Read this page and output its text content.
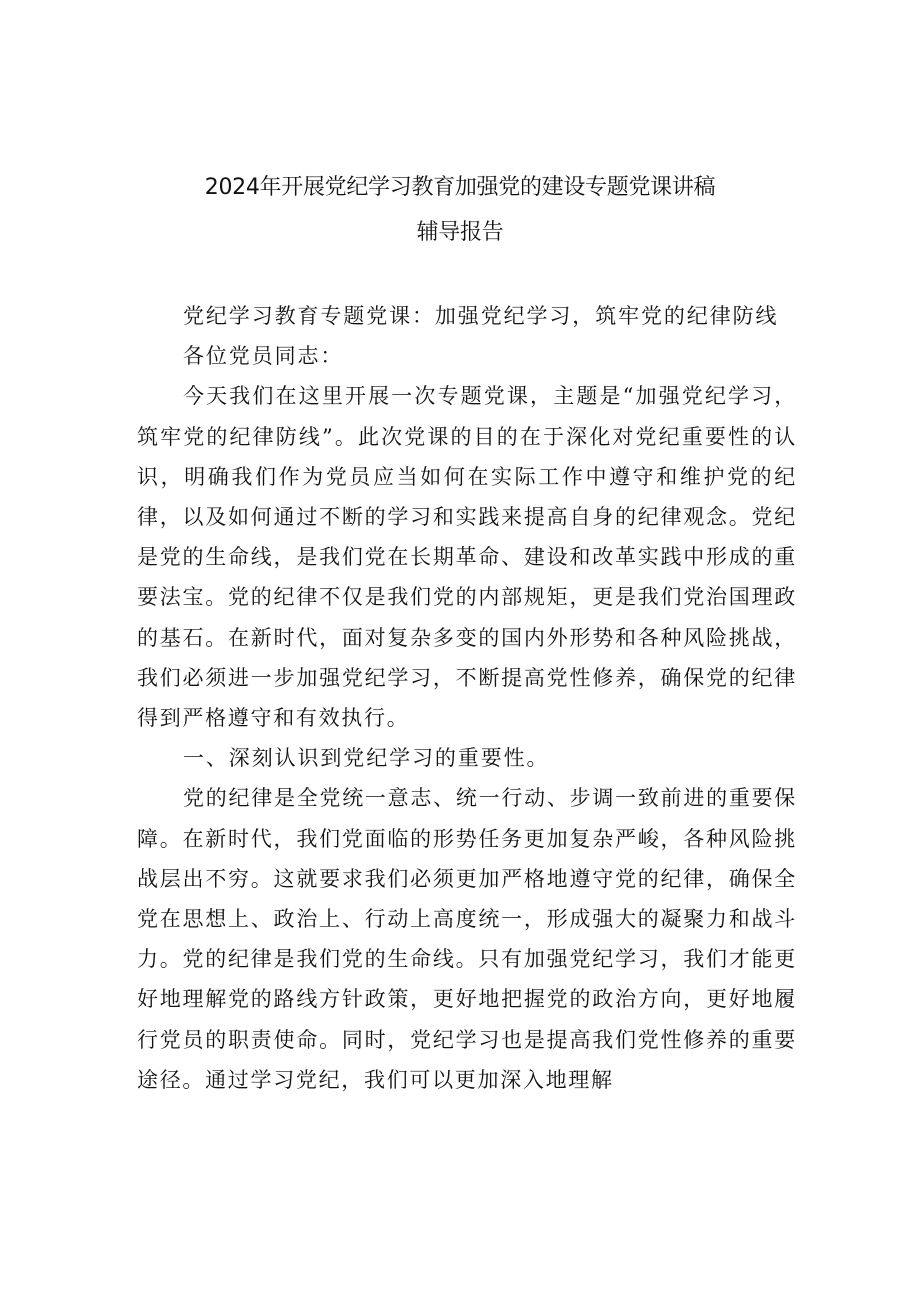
2024年开展党纪学习教育加强党的建设专题党课讲稿
辅导报告

党纪学习教育专题党课：加强党纪学习，筑牢党的纪律防线

各位党员同志：

今天我们在这里开展一次专题党课，主题是“加强党纪学习，筑牢党的纪律防线”。此次党课的目的在于深化对党纪重要性的认识，明确我们作为党员应当如何在实际工作中遵守和维护党的纪律，以及如何通过不断的学习和实践来提高自身的纪律观念。党纪是党的生命线，是我们党在长期革命、建设和改革实践中形成的重要法宝。党的纪律不仅是我们党的内部规矩，更是我们党治国理政的基石。在新时代，面对复杂多变的国内外形势和各种风险挑战，我们必须进一步加强党纪学习，不断提高党性修养，确保党的纪律得到严格遵守和有效执行。

一、深刻认识到党纪学习的重要性。

党的纪律是全党统一意志、统一行动、步调一致前进的重要保障。在新时代，我们党面临的形势任务更加复杂严峻，各种风险挑战层出不穷。这就要求我们必须更加严格地遵守党的纪律，确保全党在思想上、政治上、行动上高度统一，形成强大的凝聚力和战斗力。党的纪律是我们党的生命线。只有加强党纪学习，我们才能更好地理解党的路线方针政策，更好地把握党的政治方向，更好地履行党员的职责使命。同时，党纪学习也是提高我们党性修养的重要途径。通过学习党纪，我们可以更加深入地理解
